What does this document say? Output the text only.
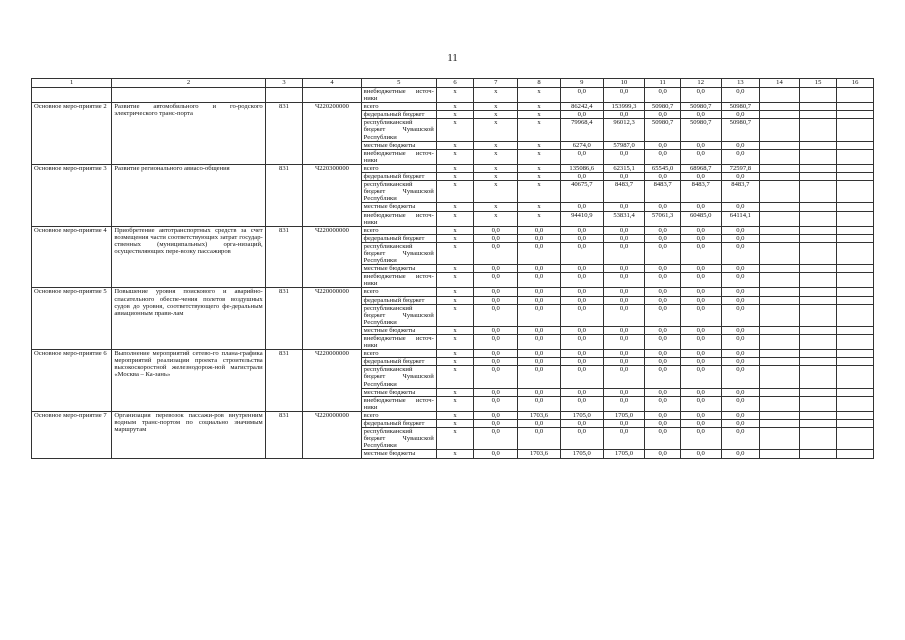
11
1	2	3	4	5	6	7	8	9	10	11	12	13	14	15	16
				внебюджетные источ-ники	x	x	x	0,0	0,0	0,0	0,0	0,0			
Основное меро-приятие 2	Развитие автомобильного и го-родского электрического транс-порта	831	Ч220200000	всего	x	x	x	86242,4	153999,3	50980,7	50980,7	50980,7			
				федеральный бюджет	x	x	x	0,0	0,0	0,0	0,0	0,0			
				республиканский бюджет Чувашской Республики	x	x	x	79968,4	96012,3	50980,7	50980,7	50980,7			
				местные бюджеты	x	x	x	6274,0	57987,0	0,0	0,0	0,0			
				внебюджетные источ-ники	x	x	x	0,0	0,0	0,0	0,0	0,0			
Основное меро-приятие 3	Развитие регионального авиасо-общения	831	Ч220300000	всего	x	x	x	135086,6	62315,1	65545,0	68968,7	72597,8			
				федеральный бюджет	x	x	x	0,0	0,0	0,0	0,0	0,0			
				республиканский бюджет Чувашской Республики	x	x	x	40675,7	8483,7	8483,7	8483,7	8483,7			
				местные бюджеты	x	x	x	0,0	0,0	0,0	0,0	0,0			
				внебюджетные источ-ники	x	x	x	94410,9	53831,4	57061,3	60485,0	64114,1			
Основное меро-приятие 4	Приобретение автотранспортных средств за счет возмещения части соответствующих затрат государ-ственных (муниципальных) орга-низаций, осуществляющих пере-возку пассажиров	831	Ч220000000	всего	x	0,0	0,0	0,0	0,0	0,0	0,0	0,0			
				федеральный бюджет	x	0,0	0,0	0,0	0,0	0,0	0,0	0,0			
				республиканский бюджет Чувашской Республики	x	0,0	0,0	0,0	0,0	0,0	0,0	0,0			
				местные бюджеты	x	0,0	0,0	0,0	0,0	0,0	0,0	0,0			
				внебюджетные источ-ники	x	0,0	0,0	0,0	0,0	0,0	0,0	0,0			
Основное меро-приятие 5	Повышение уровня поискового и аварийно-спасательного обеспе-чения полетов воздушных судов до уровня, соответствующего фе-деральным авиационным прави-лам	831	Ч220000000	всего	x	0,0	0,0	0,0	0,0	0,0	0,0	0,0			
				федеральный бюджет	x	0,0	0,0	0,0	0,0	0,0	0,0	0,0			
				республиканский бюджет Чувашской Республики	x	0,0	0,0	0,0	0,0	0,0	0,0	0,0			
				местные бюджеты	x	0,0	0,0	0,0	0,0	0,0	0,0	0,0			
				внебюджетные источ-ники	x	0,0	0,0	0,0	0,0	0,0	0,0	0,0			
Основное меро-приятие 6	Выполнение мероприятий сетево-го плана-графика мероприятий реализации проекта строительства высокоскоростной железнодорож-ной магистрали «Москва – Ка-зань»	831	Ч220000000	всего	x	0,0	0,0	0,0	0,0	0,0	0,0	0,0			
				федеральный бюджет	x	0,0	0,0	0,0	0,0	0,0	0,0	0,0			
				республиканский бюджет Чувашской Республики	x	0,0	0,0	0,0	0,0	0,0	0,0	0,0			
				местные бюджеты	x	0,0	0,0	0,0	0,0	0,0	0,0	0,0			
				внебюджетные источ-ники	x	0,0	0,0	0,0	0,0	0,0	0,0	0,0			
Основное меро-приятие 7	Организация перевозок пассажи-ров внутренним водным транс-портом по социально значимым маршрутам	831	Ч220000000	всего	x	0,0	1703,6	1705,0	1705,0	0,0	0,0	0,0			
				федеральный бюджет	x	0,0	0,0	0,0	0,0	0,0	0,0	0,0			
				республиканский бюджет Чувашской Республики	x	0,0	0,0	0,0	0,0	0,0	0,0	0,0			
				местные бюджеты	x	0,0	1703,6	1705,0	1705,0	0,0	0,0	0,0			
